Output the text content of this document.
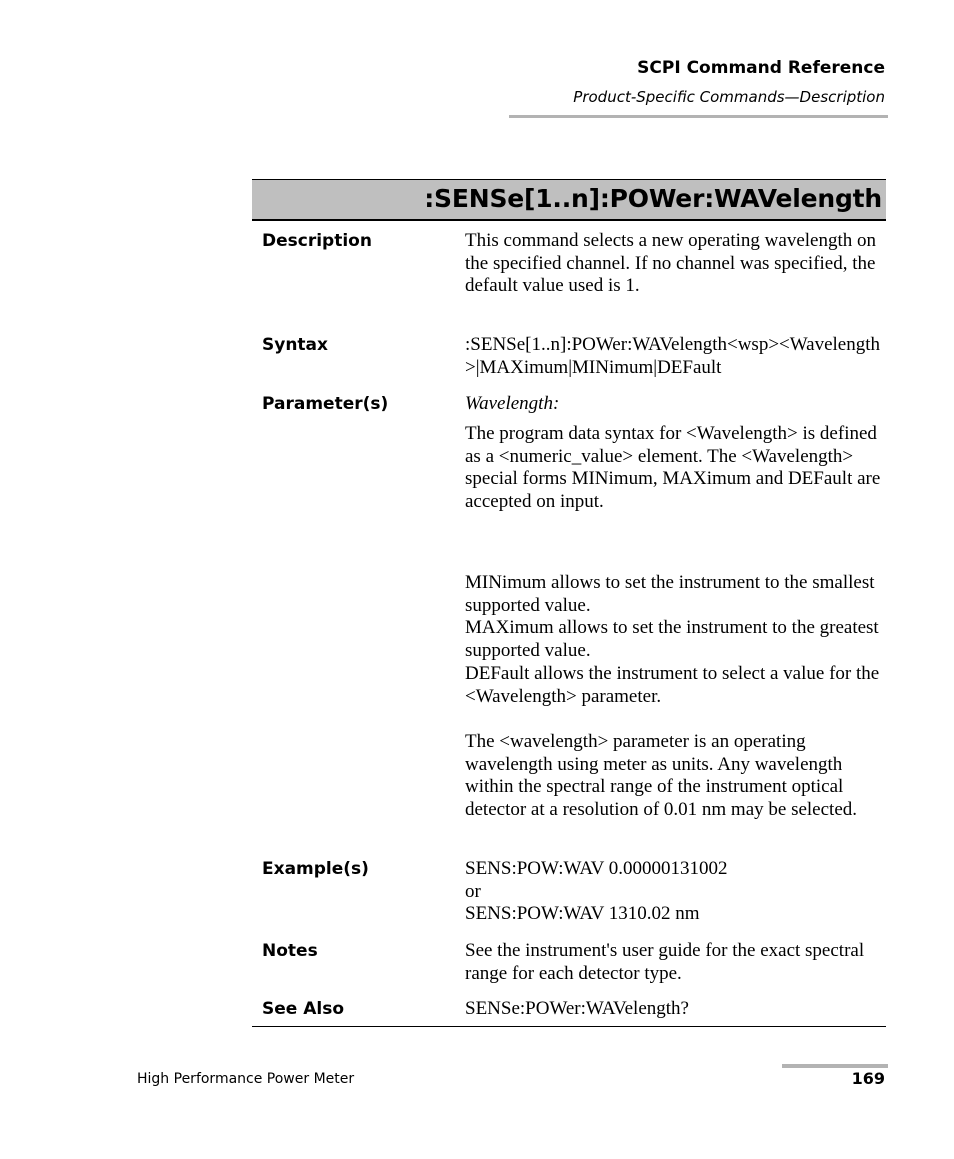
SCPI Command Reference
Product-Specific Commands—Description
:SENSe[1..n]:POWer:WAVelength
Description	This command selects a new operating wavelength on the specified channel. If no channel was specified, the default value used is 1.
Syntax	:SENSe[1..n]:POWer:WAVelength<wsp><Wavelength>|MAXimum|MINimum|DEFault
Parameter(s)	Wavelength:
The program data syntax for <Wavelength> is defined as a <numeric_value> element. The <Wavelength> special forms MINimum, MAXimum and DEFault are accepted on input.

MINimum allows to set the instrument to the smallest supported value.

MAXimum allows to set the instrument to the greatest supported value.

DEFault allows the instrument to select a value for the <Wavelength> parameter.

The <wavelength> parameter is an operating wavelength using meter as units. Any wavelength within the spectral range of the instrument optical detector at a resolution of 0.01 nm may be selected.
Example(s)	SENS:POW:WAV 0.00000131002

or

SENS:POW:WAV 1310.02 nm

Notes	See the instrument's user guide for the exact spectral range for each detector type.
See Also	SENSe:POWer:WAVelength?
High Performance Power Meter	169
